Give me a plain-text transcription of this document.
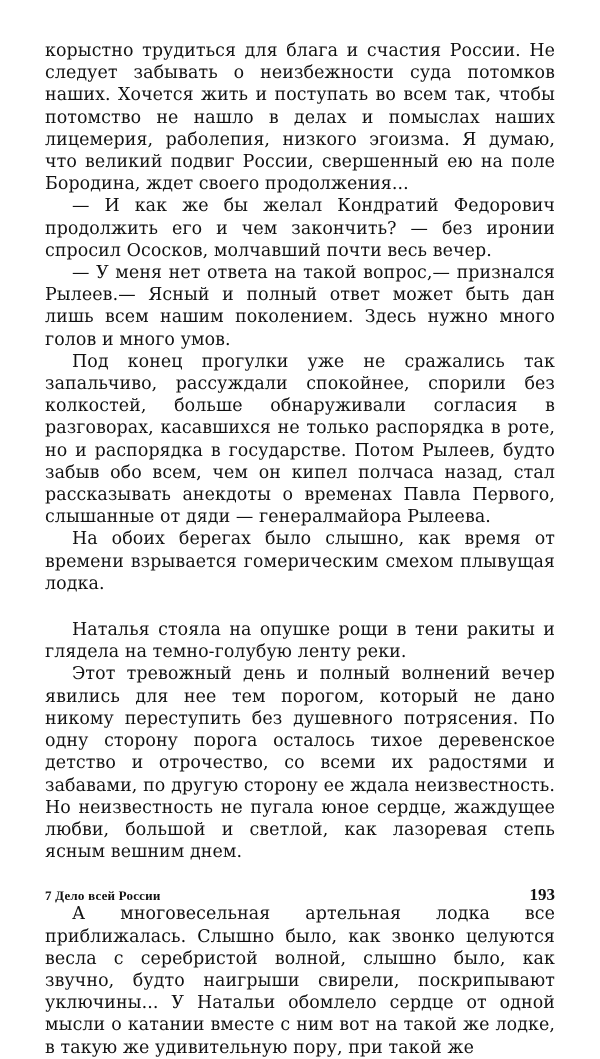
корыстно трудиться для блага и счастия России. Не следует забывать о неизбежности суда потомков наших. Хочется жить и поступать во всем так, чтобы потомство не нашло в делах и помыслах наших лицемерия, раболепия, низкого эгоизма. Я думаю, что великий подвиг России, свершенный ею на поле Бородина, ждет своего продолжения...

— И как же бы желал Кондратий Федорович продолжить его и чем закончить? — без иронии спросил Ососков, молчавший почти весь вечер.

— У меня нет ответа на такой вопрос,— признался Рылеев.— Ясный и полный ответ может быть дан лишь всем нашим поколением. Здесь нужно много голов и много умов.

Под конец прогулки уже не сражались так запальчиво, рассуждали спокойнее, спорили без колкостей, больше обнаруживали согласия в разговорах, касавшихся не только распорядка в роте, но и распорядка в государстве. Потом Рылеев, будто забыв обо всем, чем он кипел полчаса назад, стал рассказывать анекдоты о временах Павла Первого, слышанные от дяди — генералмайора Рылеева.

На обоих берегах было слышно, как время от времени взрывается гомерическим смехом плывущая лодка.

Наталья стояла на опушке рощи в тени ракиты и глядела на темно-голубую ленту реки.

Этот тревожный день и полный волнений вечер явились для нее тем порогом, который не дано никому переступить без душевного потрясения. По одну сторону порога осталось тихое деревенское детство и отрочество, со всеми их радостями и забавами, по другую сторону ее ждала неизвестность. Но неизвестность не пугала юное сердце, жаждущее любви, большой и светлой, как лазоревая степь ясным вешним днем.

А многовесельная артельная лодка все приближалась. Слышно было, как звонко целуются весла с серебристой волной, слышно было, как звучно, будто наигрыши свирели, поскрипывают уключины... У Натальи обомлело сердце от одной мысли о катании вместе с ним вот на такой же лодке, в такую же удивительную пору, при такой же

7 Дело всей России	193
